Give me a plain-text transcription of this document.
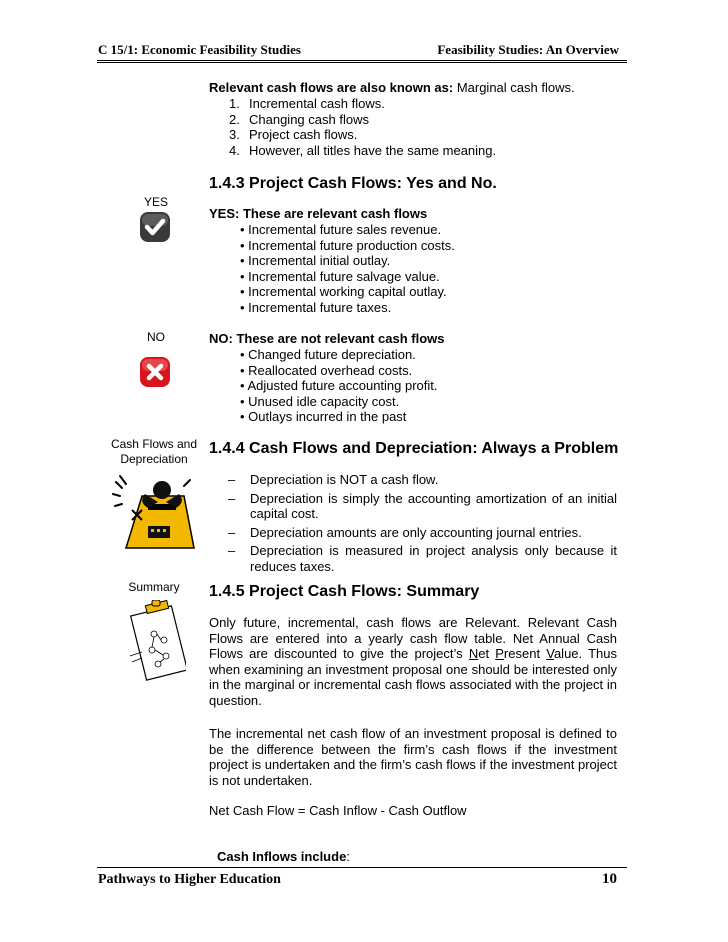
C 15/1: Economic Feasibility Studies	Feasibility Studies: An Overview
Relevant cash flows are also known as: Marginal cash flows.
1. Incremental cash flows.
2. Changing cash flows
3. Project cash flows.
4. However, all titles have the same meaning.
1.4.3 Project Cash Flows: Yes and No.
YES
YES: These are relevant cash flows
• Incremental future sales revenue.
• Incremental future production costs.
• Incremental initial outlay.
• Incremental future salvage value.
• Incremental working capital outlay.
• Incremental future taxes.
NO	NO: These are not relevant cash flows
• Changed future depreciation.
• Reallocated overhead costs.
• Adjusted future accounting profit.
• Unused idle capacity cost.
• Outlays incurred in the past
Cash Flows and
Depreciation
1.4.4 Cash Flows and Depreciation: Always a Problem
– Depreciation is NOT a cash flow.
– Depreciation is simply the accounting amortization of an initial capital cost.
– Depreciation amounts are only accounting journal entries.
– Depreciation is measured in project analysis only because it reduces taxes.
Summary	1.4.5 Project Cash Flows: Summary
Only future, incremental, cash flows are Relevant. Relevant Cash Flows are entered into a yearly cash flow table. Net Annual Cash Flows are discounted to give the project’s Net Present Value. Thus when examining an investment proposal one should be interested only in the marginal or incremental cash flows associated with the project in question.
The incremental net cash flow of an investment proposal is defined to be the difference between the firm’s cash flows if the investment project is undertaken and the firm’s cash flows if the investment project is not undertaken.
Net Cash Flow = Cash Inflow - Cash Outflow
Cash Inflows include:
Pathways to Higher Education	10
